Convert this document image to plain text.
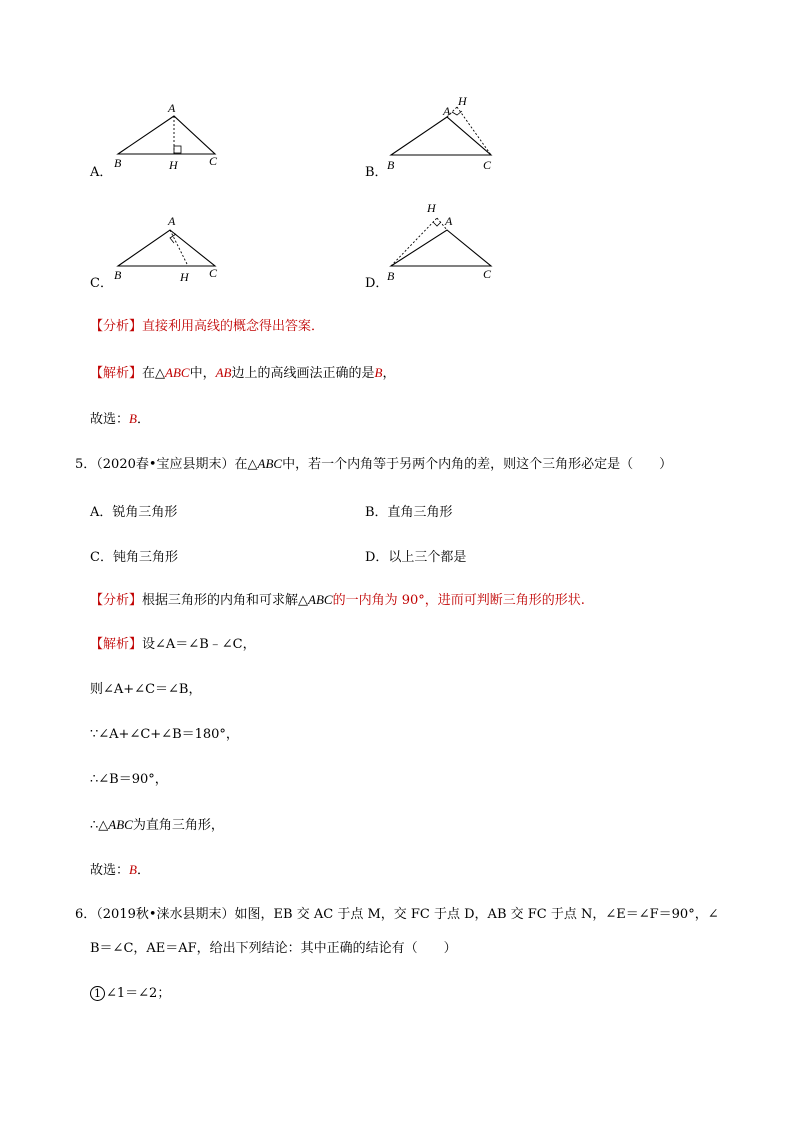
A．
A
B	C
H	B．
A
H
B	C
C．
A
B	C
H	D．
H
A
B	C
【分析】直接利用高线的概念得出答案．
【解析】在△ABC中，AB边上的高线画法正确的是B，
故选：B．
5．（2020春•宝应县期末）在△ABC中，若一个内角等于另两个内角的差，则这个三角形必定是（　　）
A．锐角三角形	B．直角三角形
C．钝角三角形	D．以上三个都是
【分析】根据三角形的内角和可求解△ABC的一内角为 90°，进而可判断三角形的形状.
【解析】设∠A＝∠B﹣∠C，
则∠A+∠C＝∠B，
∵∠A+∠C+∠B＝180°，
∴∠B＝90°，
∴△ABC为直角三角形，
故选：B．
6．（2019秋•涞水县期末）如图，EB 交 AC 于点 M，交 FC 于点 D，AB 交 FC 于点 N，∠E＝∠F＝90°，∠
B＝∠C，AE＝AF，给出下列结论：其中正确的结论有（　　）
1 ∠1＝∠2；
